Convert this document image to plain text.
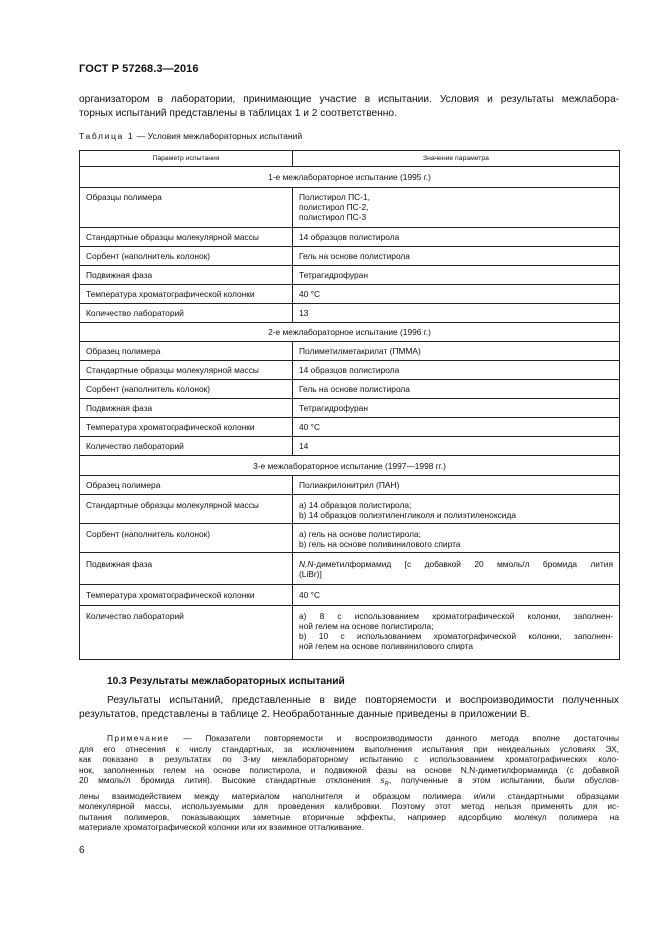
ГОСТ Р 57268.3—2016
организатором в лаборатории, принимающие участие в испытании. Условия и результаты межлабора-
торных испытаний представлены в таблицах 1 и 2 соответственно.
Таблица 1 — Условия межлабораторных испытаний
Параметр испытания	Значение параметра
1-е межлабораторное испытание (1995 г.)	
Образцы полимера	Полистирол ПС-1,
полистирол ПС-2,
полистирол ПС-3

Стандартные образцы молекулярной массы	14 образцов полистирола
Сорбент (наполнитель колонок)	Гель на основе полистирола
Подвижная фаза	Тетрагидрофуран
Температура хроматографической колонки	40 °С
Количество лабораторий	13
2-е межлабораторное испытание (1996 г.)	
Образец полимера	Полиметилметакрилат (ПММА)
Стандартные образцы молекулярной массы	14 образцов полистирола
Сорбент (наполнитель колонок)	Гель на основе полистирола
Подвижная фаза	Тетрагидрофуран
Температура хроматографической колонки	40 °С
Количество лабораторий	14
3-е межлабораторное испытание (1997—1998 гг.)	
Образец полимера	Полиакрилонитрил (ПАН)
Стандартные образцы молекулярной массы	а) 14 образцов полистирола;
b) 14 образцов полиэтиленгликоля и полиэтиленоксида

Сорбент (наполнитель колонок)	а) гель на основе полистирола;
b) гель на основе поливинилового спирта

Подвижная фаза	N,N-диметилформамид [с добавкой 20 ммоль/л бромида лития
(LiBr)]

Температура хроматографической колонки	40 °С
Количество лабораторий	а) 8 с использованием хроматографической колонки, заполнен-
ной гелем на основе полистирола;
b) 10 с использованием хроматографической колонки, заполнен-
ной гелем на основе поливинилового спирта
10.3 Результаты межлабораторных испытаний
Результаты испытаний, представленные в виде повторяемости и воспроизводимости полученных
результатов, представлены в таблице 2. Необработанные данные приведены в приложении В.
Примечание — Показатели повторяемости и воспроизводимости данного метода вполне достаточны
для его отнесения к числу стандартных, за исключением выполнения испытания при неидеальных условиях ЭХ,
как показано в результатах по 3-му межлабораторному испытанию с использованием хроматографических коло-
нок, заполненных гелем на основе полистирола, и подвижной фазы на основе N,N-диметилформамида (с добавкой
20 ммоль/л бромида лития). Высокие стандартные отклонения $s_R$, полученные в этом испытании, были обуслов-
лены взаимодействием между материалом наполнителя и образцом полимера и/или стандартными образцами
молекулярной массы, используемыми для проведения калибровки. Поэтому этот метод нельзя применять для ис-
пытания полимеров, показывающих заметные вторичные эффекты, например адсорбцию молекул полимера на
материале хроматографической колонки или их взаимное отталкивание.
6
